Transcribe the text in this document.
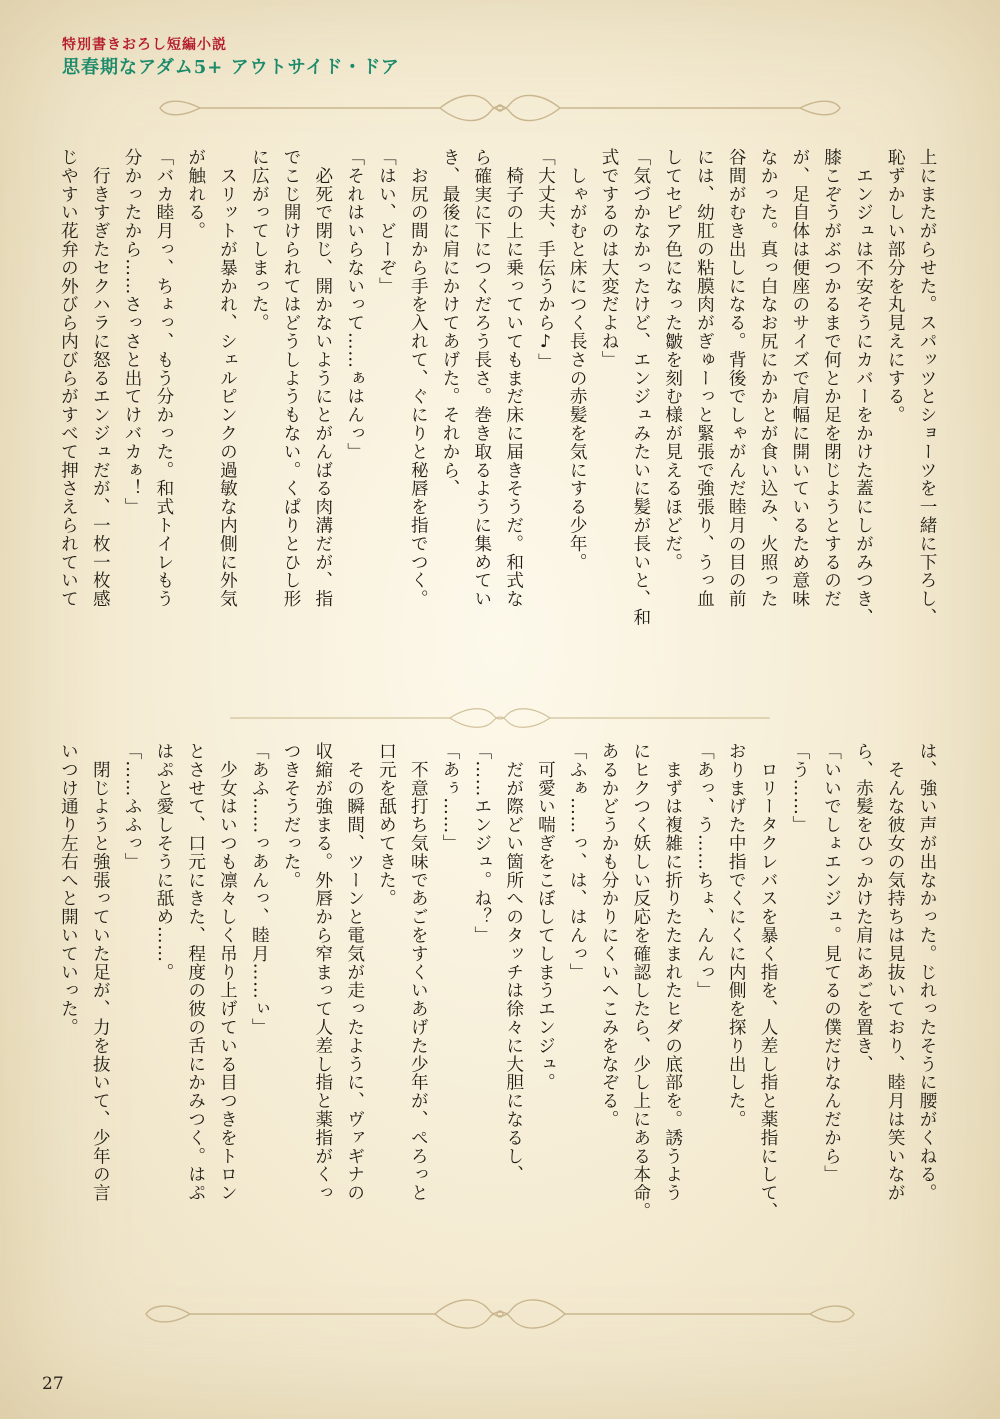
特別書きおろし短編小説
思春期なアダム5+ アウトサイド・ドア
上にまたがらせた。スパッツとショーツを一緒に下ろし、
恥ずかしい部分を丸見えにする。
　エンジュは不安そうにカバーをかけた蓋にしがみつき、
膝こぞうがぶつかるまで何とか足を閉じようとするのだ
が、足自体は便座のサイズで肩幅に開いているため意味
なかった。真っ白なお尻にかかとが食い込み、火照った
谷間がむき出しになる。背後でしゃがんだ睦月の目の前
には、幼肛の粘膜肉がぎゅーっと緊張で強張り、うっ血
してセピア色になった皺を刻む様が見えるほどだ。
「気づかなかったけど、エンジュみたいに髪が長いと、和
式でするのは大変だよね」
　しゃがむと床につく長さの赤髪を気にする少年。
「大丈夫、手伝うから♪」
　椅子の上に乗っていてもまだ床に届きそうだ。和式な
ら確実に下につくだろう長さ。巻き取るように集めてい
き、最後に肩にかけてあげた。それから、
　お尻の間から手を入れて、ぐにりと秘唇を指でつく。
「はい、どーぞ」
「それはいらないって……ぁはんっ」
　必死で閉じ、開かないようにとがんばる肉溝だが、指
でこじ開けられてはどうしようもない。くぱりとひし形
に広がってしまった。
　スリットが暴かれ、シェルピンクの過敏な内側に外気
が触れる。
「バカ睦月っ、ちょっ、もう分かった。和式トイレもう
分かったから……さっさと出てけバカぁ！」
　行きすぎたセクハラに怒るエンジュだが、一枚一枚感
じやすい花弁の外びら内びらがすべて押さえられていて
は、強い声が出なかった。じれったそうに腰がくねる。
　そんな彼女の気持ちは見抜いており、睦月は笑いなが
ら、赤髪をひっかけた肩にあごを置き、
「いいでしょエンジュ。見てるの僕だけなんだから」
「う……」
　ロリータクレバスを暴く指を、人差し指と薬指にして、
おりまげた中指でくにくに内側を探り出した。
「あっ、う……ちょ、んんっ」
　まずは複雑に折りたたまれたヒダの底部を。誘うよう
にヒクつく妖しい反応を確認したら、少し上にある本命。
あるかどうかも分かりにくいへこみをなぞる。
「ふぁ……っ、は、はんっ」
　可愛い喘ぎをこぼしてしまうエンジュ。
　だが際どい箇所へのタッチは徐々に大胆になるし、
「……エンジュ。ね？」
「あぅ……」
　不意打ち気味であごをすくいあげた少年が、ぺろっと
口元を舐めてきた。
　その瞬間、ツーンと電気が走ったように、ヴァギナの
収縮が強まる。外唇から窄まって人差し指と薬指がくっ
つきそうだった。
「あふ……っあんっ、睦月……ぃ」
　少女はいつも凛々しく吊り上げている目つきをトロン
とさせて、口元にきた、程度の彼の舌にかみつく。はぷ
はぷと愛しそうに舐め……。
「……ふふっ」
　閉じようと強張っていた足が、力を抜いて、少年の言
いつけ通り左右へと開いていった。
27
